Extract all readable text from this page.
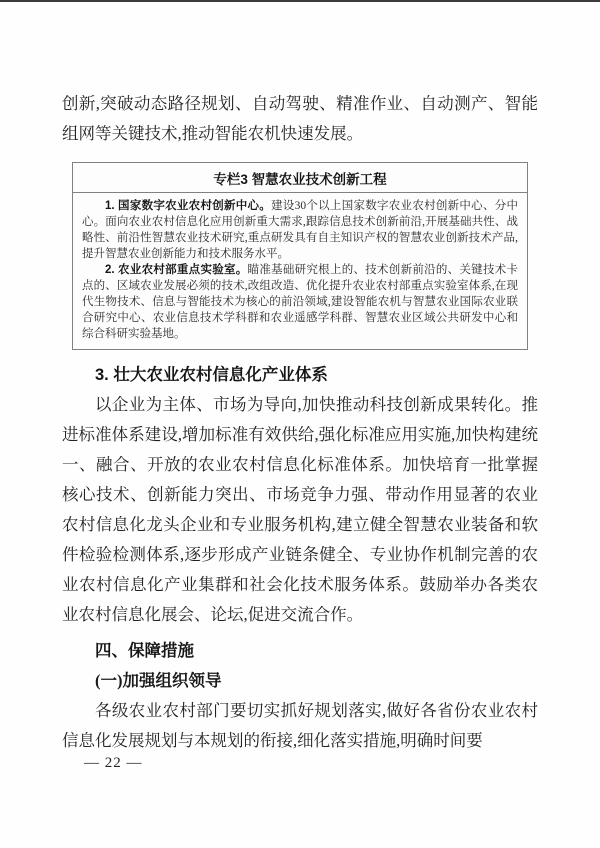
创新,突破动态路径规划、自动驾驶、精准作业、自动测产、智能组网等关键技术,推动智能农机快速发展。

专栏3 智慧农业技术创新工程

1. 国家数字农业农村创新中心。建设30个以上国家数字农业农村创新中心、分中心。面向农业农村信息化应用创新重大需求,跟踪信息技术创新前沿,开展基础共性、战略性、前沿性智慧农业技术研究,重点研发具有自主知识产权的智慧农业创新技术产品,提升智慧农业创新能力和技术服务水平。

2. 农业农村部重点实验室。瞄准基础研究根上的、技术创新前沿的、关键技术卡点的、区域农业发展必须的技术,改组改造、优化提升农业农村部重点实验室体系,在现代生物技术、信息与智能技术为核心的前沿领域,建设智能农机与智慧农业国际农业联合研究中心、农业信息技术学科群和农业遥感学科群、智慧农业区域公共研发中心和综合科研实验基地。

3. 壮大农业农村信息化产业体系

以企业为主体、市场为导向,加快推动科技创新成果转化。推进标准体系建设,增加标准有效供给,强化标准应用实施,加快构建统一、融合、开放的农业农村信息化标准体系。加快培育一批掌握核心技术、创新能力突出、市场竞争力强、带动作用显著的农业农村信息化龙头企业和专业服务机构,建立健全智慧农业装备和软件检验检测体系,逐步形成产业链条健全、专业协作机制完善的农业农村信息化产业集群和社会化技术服务体系。鼓励举办各类农业农村信息化展会、论坛,促进交流合作。

四、保障措施
(一)加强组织领导

各级农业农村部门要切实抓好规划落实,做好各省份农业农村信息化发展规划与本规划的衔接,细化落实措施,明确时间要

— 22 —
